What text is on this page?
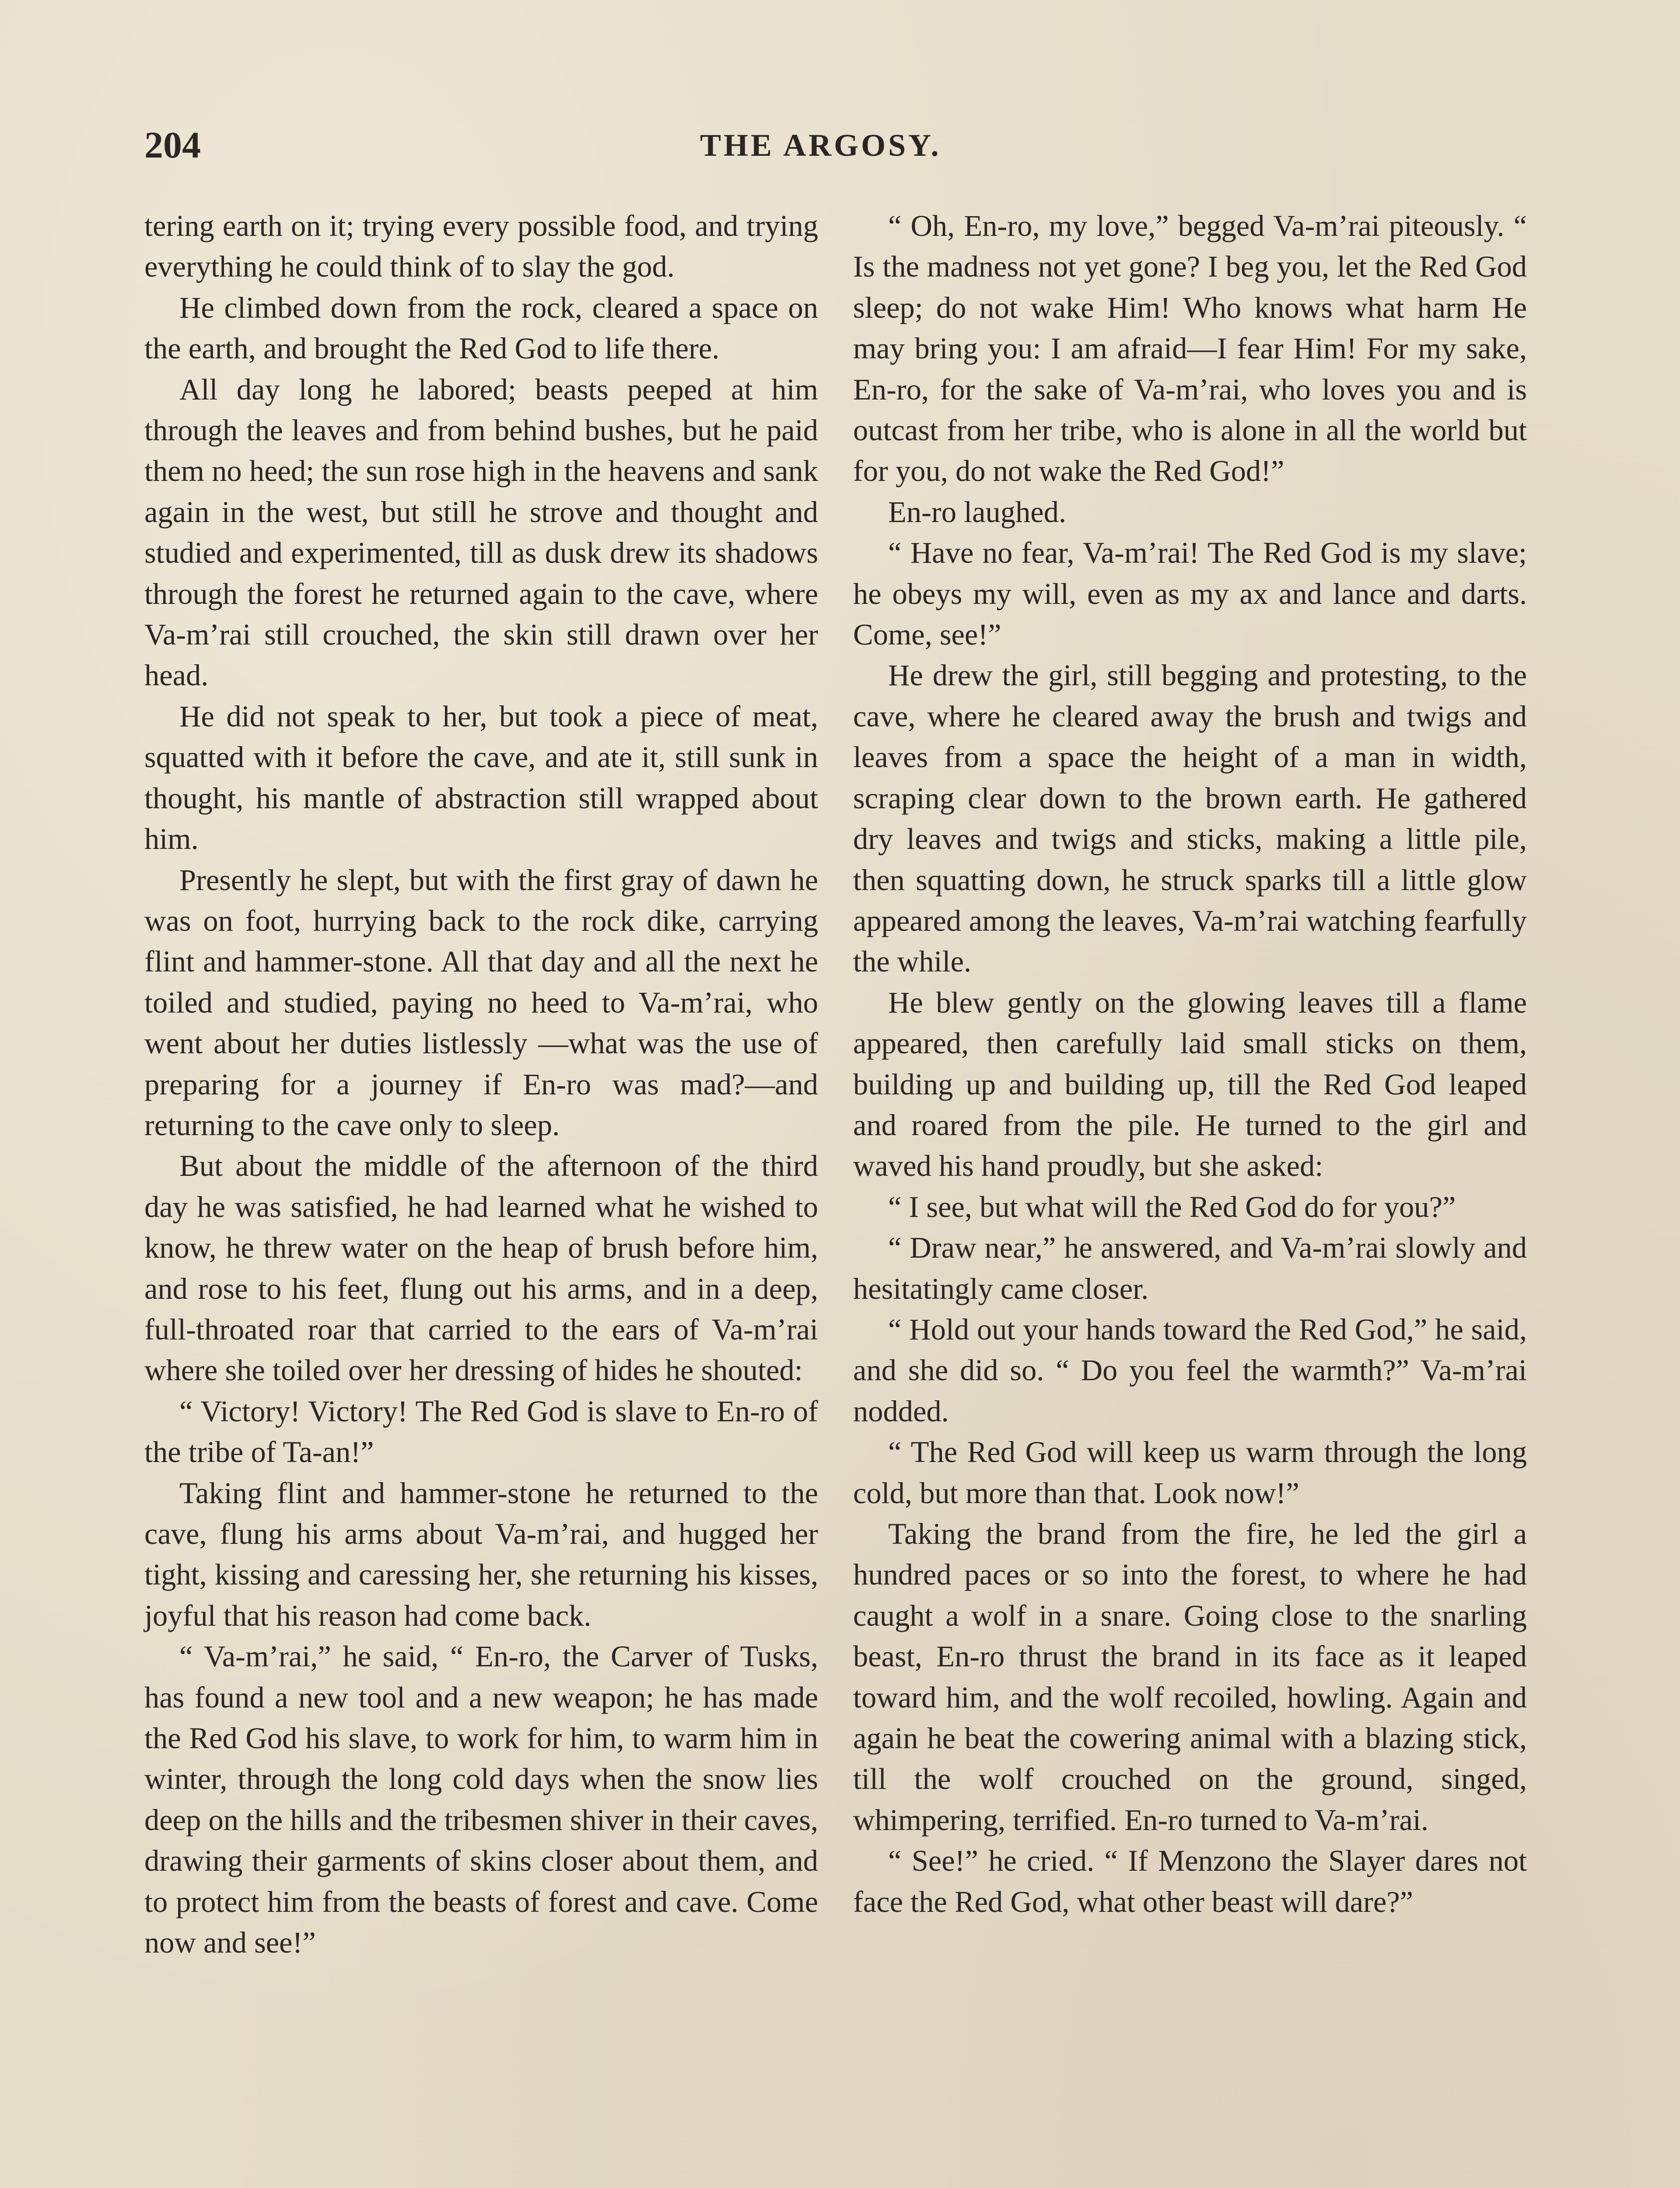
204	THE ARGOSY.

tering earth on it; trying every possible food, and trying everything he could think of to slay the god.

He climbed down from the rock, cleared a space on the earth, and brought the Red God to life there.

All day long he labored; beasts peeped at him through the leaves and from behind bushes, but he paid them no heed; the sun rose high in the heavens and sank again in the west, but still he strove and thought and studied and experimented, till as dusk drew its shadows through the forest he returned again to the cave, where Va-m’rai still crouched, the skin still drawn over her head.

He did not speak to her, but took a piece of meat, squatted with it before the cave, and ate it, still sunk in thought, his mantle of abstraction still wrapped about him.

Presently he slept, but with the first gray of dawn he was on foot, hurrying back to the rock dike, carrying flint and hammer-stone. All that day and all the next he toiled and studied, paying no heed to Va-m’rai, who went about her duties listlessly —what was the use of preparing for a journey if En-ro was mad?—and returning to the cave only to sleep.

But about the middle of the afternoon of the third day he was satisfied, he had learned what he wished to know, he threw water on the heap of brush before him, and rose to his feet, flung out his arms, and in a deep, full-throated roar that carried to the ears of Va-m’rai where she toiled over her dressing of hides he shouted:

“ Victory! Victory! The Red God is slave to En-ro of the tribe of Ta-an!”

Taking flint and hammer-stone he returned to the cave, flung his arms about Va-m’rai, and hugged her tight, kissing and caressing her, she returning his kisses, joyful that his reason had come back.

“ Va-m’rai,” he said, “ En-ro, the Carver of Tusks, has found a new tool and a new weapon; he has made the Red God his slave, to work for him, to warm him in winter, through the long cold days when the snow lies deep on the hills and the tribesmen shiver in their caves, drawing their garments of skins closer about them, and to protect him from the beasts of forest and cave. Come now and see!”

“ Oh, En-ro, my love,” begged Va-m’rai piteously. “ Is the madness not yet gone? I beg you, let the Red God sleep; do not wake Him! Who knows what harm He may bring you: I am afraid—I fear Him! For my sake, En-ro, for the sake of Va-m’rai, who loves you and is outcast from her tribe, who is alone in all the world but for you, do not wake the Red God!”

En-ro laughed.

“ Have no fear, Va-m’rai! The Red God is my slave; he obeys my will, even as my ax and lance and darts. Come, see!”

He drew the girl, still begging and protesting, to the cave, where he cleared away the brush and twigs and leaves from a space the height of a man in width, scraping clear down to the brown earth. He gathered dry leaves and twigs and sticks, making a little pile, then squatting down, he struck sparks till a little glow appeared among the leaves, Va-m’rai watching fearfully the while.

He blew gently on the glowing leaves till a flame appeared, then carefully laid small sticks on them, building up and building up, till the Red God leaped and roared from the pile. He turned to the girl and waved his hand proudly, but she asked:

“ I see, but what will the Red God do for you?”

“ Draw near,” he answered, and Va-m’rai slowly and hesitatingly came closer.

“ Hold out your hands toward the Red God,” he said, and she did so. “ Do you feel the warmth?” Va-m’rai nodded.

“ The Red God will keep us warm through the long cold, but more than that. Look now!”

Taking the brand from the fire, he led the girl a hundred paces or so into the forest, to where he had caught a wolf in a snare. Going close to the snarling beast, En-ro thrust the brand in its face as it leaped toward him, and the wolf recoiled, howling. Again and again he beat the cowering animal with a blazing stick, till the wolf crouched on the ground, singed, whimpering, terrified. En-ro turned to Va-m’rai.

“ See!” he cried. “ If Menzono the Slayer dares not face the Red God, what other beast will dare?”
